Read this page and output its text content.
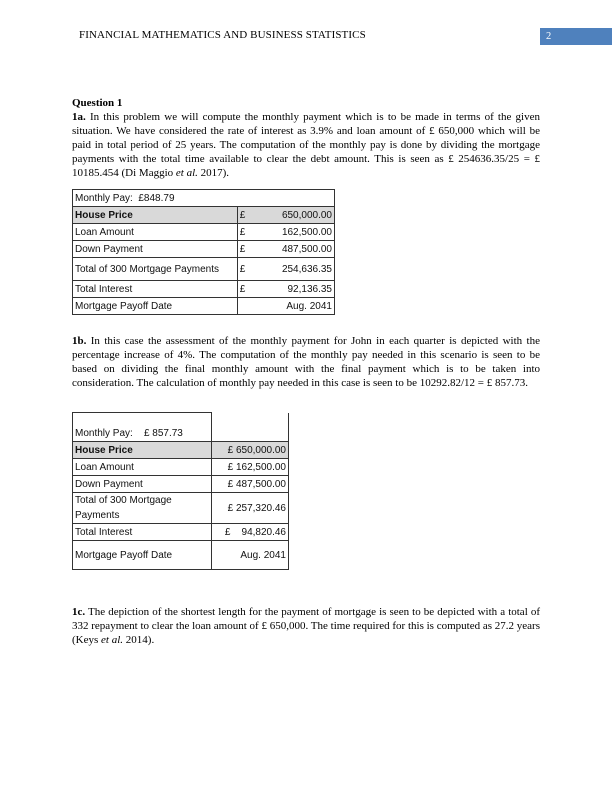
FINANCIAL MATHEMATICS AND BUSINESS STATISTICS	2

Question 1

1a. In this problem we will compute the monthly payment which is to be made in terms of the given situation. We have considered the rate of interest as 3.9% and loan amount of £ 650,000 which will be paid in total period of 25 years. The computation of the monthly pay is done by dividing the mortgage payments with the total time available to clear the debt amount. This is seen as £ 254636.35/25 = £ 10185.454 (Di Maggio et al. 2017).

Monthly Pay: £848.79		
House Price	£	650,000.00
Loan Amount	£	162,500.00
Down Payment	£	487,500.00
Total of 300 Mortgage Payments	£	254,636.35
Total Interest	£	92,136.35
Mortgage Payoff Date		Aug. 2041

1b. In this case the assessment of the monthly payment for John in each quarter is depicted with the percentage increase of 4%. The computation of the monthly pay needed in this scenario is seen to be based on dividing the final monthly amount with the final payment which is to be taken into consideration. The calculation of monthly pay needed in this case is seen to be 10292.82/12 = £ 857.73.

Monthly Pay: £ 857.73	
House Price	£ 650,000.00
Loan Amount	£ 162,500.00
Down Payment	£ 487,500.00
Total of 300 Mortgage Payments	£ 257,320.46
Total Interest	£    94,820.46
Mortgage Payoff Date	Aug. 2041

1c. The depiction of the shortest length for the payment of mortgage is seen to be depicted with a total of 332 repayment to clear the loan amount of £ 650,000. The time required for this is computed as 27.2 years (Keys et al. 2014).
